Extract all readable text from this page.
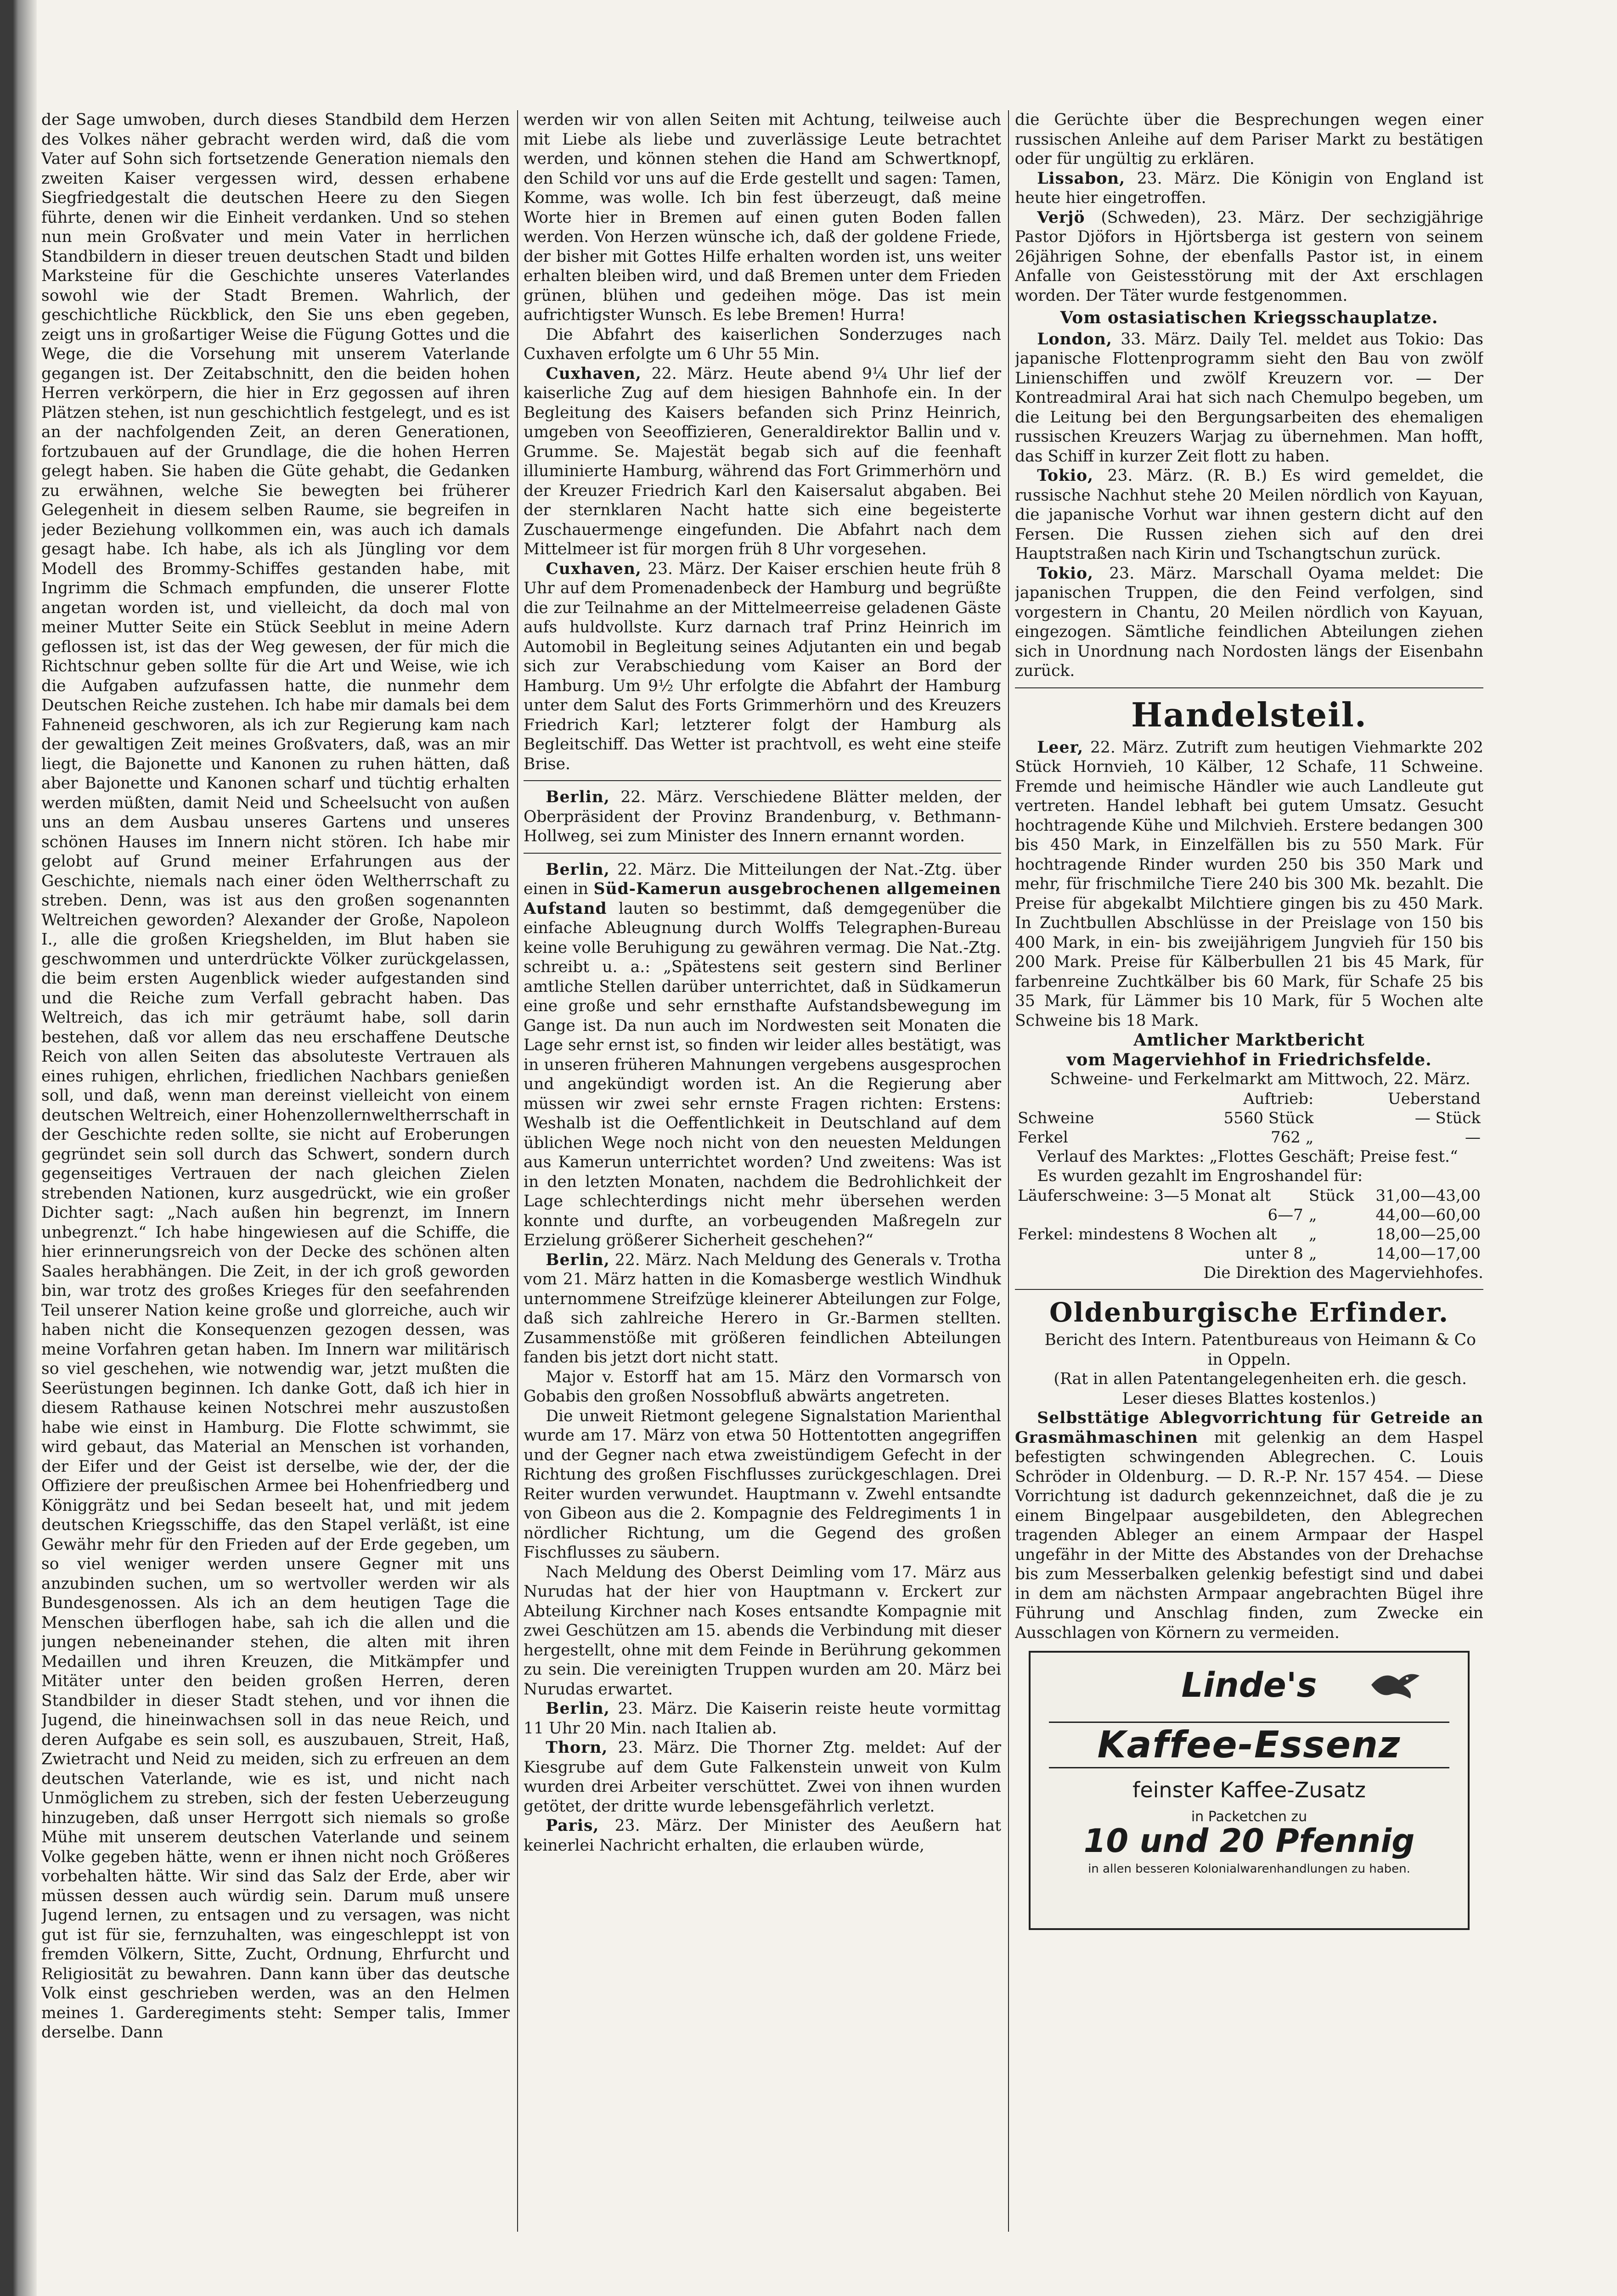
der Sage umwoben, durch dieses Standbild dem Herzen des Volkes näher gebracht werden wird, daß die vom Vater auf Sohn sich fortsetzende Generation niemals den zweiten Kaiser vergessen wird, dessen erhabene Siegfriedgestalt die deutschen Heere zu den Siegen führte, denen wir die Einheit verdanken. Und so stehen nun mein Großvater und mein Vater in herrlichen Standbildern in dieser treuen deutschen Stadt und bilden Marksteine für die Geschichte unseres Vaterlandes sowohl wie der Stadt Bremen. Wahrlich, der geschichtliche Rückblick, den Sie uns eben gegeben, zeigt uns in großartiger Weise die Fügung Gottes und die Wege, die die Vorsehung mit unserem Vaterlande gegangen ist. Der Zeitabschnitt, den die beiden hohen Herren verkörpern, die hier in Erz gegossen auf ihren Plätzen stehen, ist nun geschichtlich festgelegt, und es ist an der nachfolgenden Zeit, an deren Generationen, fortzubauen auf der Grundlage, die die hohen Herren gelegt haben. Sie haben die Güte gehabt, die Gedanken zu erwähnen, welche Sie bewegten bei früherer Gelegenheit in diesem selben Raume, sie begreifen in jeder Beziehung vollkommen ein, was auch ich damals gesagt habe. Ich habe, als ich als Jüngling vor dem Modell des Brommy-Schiffes gestanden habe, mit Ingrimm die Schmach empfunden, die unserer Flotte angetan worden ist, und vielleicht, da doch mal von meiner Mutter Seite ein Stück Seeblut in meine Adern geflossen ist, ist das der Weg gewesen, der für mich die Richtschnur geben sollte für die Art und Weise, wie ich die Aufgaben aufzufassen hatte, die nunmehr dem Deutschen Reiche zustehen. Ich habe mir damals bei dem Fahneneid geschworen, als ich zur Regierung kam nach der gewaltigen Zeit meines Großvaters, daß, was an mir liegt, die Bajonette und Kanonen zu ruhen hätten, daß aber Bajonette und Kanonen scharf und tüchtig erhalten werden müßten, damit Neid und Scheelsucht von außen uns an dem Ausbau unseres Gartens und unseres schönen Hauses im Innern nicht stören. Ich habe mir gelobt auf Grund meiner Erfahrungen aus der Geschichte, niemals nach einer öden Weltherrschaft zu streben. Denn, was ist aus den großen sogenannten Weltreichen geworden? Alexander der Große, Napoleon I., alle die großen Kriegshelden, im Blut haben sie geschwommen und unterdrückte Völker zurückgelassen, die beim ersten Augenblick wieder aufgestanden sind und die Reiche zum Verfall gebracht haben. Das Weltreich, das ich mir geträumt habe, soll darin bestehen, daß vor allem das neu erschaffene Deutsche Reich von allen Seiten das absoluteste Vertrauen als eines ruhigen, ehrlichen, friedlichen Nachbars genießen soll, und daß, wenn man dereinst vielleicht von einem deutschen Weltreich, einer Hohenzollernweltherrschaft in der Geschichte reden sollte, sie nicht auf Eroberungen gegründet sein soll durch das Schwert, sondern durch gegenseitiges Vertrauen der nach gleichen Zielen strebenden Nationen, kurz ausgedrückt, wie ein großer Dichter sagt: „Nach außen hin begrenzt, im Innern unbegrenzt.“ Ich habe hingewiesen auf die Schiffe, die hier erinnerungsreich von der Decke des schönen alten Saales herabhängen. Die Zeit, in der ich groß geworden bin, war trotz des großes Krieges für den seefahrenden Teil unserer Nation keine große und glorreiche, auch wir haben nicht die Konsequenzen gezogen dessen, was meine Vorfahren getan haben. Im Innern war militärisch so viel geschehen, wie notwendig war, jetzt mußten die Seerüstungen beginnen. Ich danke Gott, daß ich hier in diesem Rathause keinen Notschrei mehr auszustoßen habe wie einst in Hamburg. Die Flotte schwimmt, sie wird gebaut, das Material an Menschen ist vorhanden, der Eifer und der Geist ist derselbe, wie der, der die Offiziere der preußischen Armee bei Hohenfriedberg und Königgrätz und bei Sedan beseelt hat, und mit jedem deutschen Kriegsschiffe, das den Stapel verläßt, ist eine Gewähr mehr für den Frieden auf der Erde gegeben, um so viel weniger werden unsere Gegner mit uns anzubinden suchen, um so wertvoller werden wir als Bundesgenossen. Als ich an dem heutigen Tage die Menschen überflogen habe, sah ich die allen und die jungen nebeneinander stehen, die alten mit ihren Medaillen und ihren Kreuzen, die Mitkämpfer und Mitäter unter den beiden großen Herren, deren Standbilder in dieser Stadt stehen, und vor ihnen die Jugend, die hineinwachsen soll in das neue Reich, und deren Aufgabe es sein soll, es auszubauen, Streit, Haß, Zwietracht und Neid zu meiden, sich zu erfreuen an dem deutschen Vaterlande, wie es ist, und nicht nach Unmöglichem zu streben, sich der festen Ueberzeugung hinzugeben, daß unser Herrgott sich niemals so große Mühe mit unserem deutschen Vaterlande und seinem Volke gegeben hätte, wenn er ihnen nicht noch Größeres vorbehalten hätte. Wir sind das Salz der Erde, aber wir müssen dessen auch würdig sein. Darum muß unsere Jugend lernen, zu entsagen und zu versagen, was nicht gut ist für sie, fernzuhalten, was eingeschleppt ist von fremden Völkern, Sitte, Zucht, Ordnung, Ehrfurcht und Religiosität zu bewahren. Dann kann über das deutsche Volk einst geschrieben werden, was an den Helmen meines 1. Garderegiments steht: Semper talis, Immer derselbe. Dann

werden wir von allen Seiten mit Achtung, teilweise auch mit Liebe als liebe und zuverlässige Leute betrachtet werden, und können stehen die Hand am Schwertknopf, den Schild vor uns auf die Erde gestellt und sagen: Tamen, Komme, was wolle. Ich bin fest überzeugt, daß meine Worte hier in Bremen auf einen guten Boden fallen werden. Von Herzen wünsche ich, daß der goldene Friede, der bisher mit Gottes Hilfe erhalten worden ist, uns weiter erhalten bleiben wird, und daß Bremen unter dem Frieden grünen, blühen und gedeihen möge. Das ist mein aufrichtigster Wunsch. Es lebe Bremen! Hurra!

Die Abfahrt des kaiserlichen Sonderzuges nach Cuxhaven erfolgte um 6 Uhr 55 Min.

Cuxhaven, 22. März. Heute abend 9¼ Uhr lief der kaiserliche Zug auf dem hiesigen Bahnhofe ein. In der Begleitung des Kaisers befanden sich Prinz Heinrich, umgeben von Seeoffizieren, Generaldirektor Ballin und v. Grumme. Se. Majestät begab sich auf die feenhaft illuminierte Hamburg, während das Fort Grimmerhörn und der Kreuzer Friedrich Karl den Kaisersalut abgaben. Bei der sternklaren Nacht hatte sich eine begeisterte Zuschauermenge eingefunden. Die Abfahrt nach dem Mittelmeer ist für morgen früh 8 Uhr vorgesehen.

Cuxhaven, 23. März. Der Kaiser erschien heute früh 8 Uhr auf dem Promenadenbeck der Hamburg und begrüßte die zur Teilnahme an der Mittelmeerreise geladenen Gäste aufs huldvollste. Kurz darnach traf Prinz Heinrich im Automobil in Begleitung seines Adjutanten ein und begab sich zur Verabschiedung vom Kaiser an Bord der Hamburg. Um 9½ Uhr erfolgte die Abfahrt der Hamburg unter dem Salut des Forts Grimmerhörn und des Kreuzers Friedrich Karl; letzterer folgt der Hamburg als Begleitschiff. Das Wetter ist prachtvoll, es weht eine steife Brise.

Berlin, 22. März. Verschiedene Blätter melden, der Oberpräsident der Provinz Brandenburg, v. Bethmann-Hollweg, sei zum Minister des Innern ernannt worden.

Berlin, 22. März. Die Mitteilungen der Nat.-Ztg. über einen in Süd-Kamerun ausgebrochenen allgemeinen Aufstand lauten so bestimmt, daß demgegenüber die einfache Ableugnung durch Wolffs Telegraphen-Bureau keine volle Beruhigung zu gewähren vermag. Die Nat.-Ztg. schreibt u. a.: „Spätestens seit gestern sind Berliner amtliche Stellen darüber unterrichtet, daß in Südkamerun eine große und sehr ernsthafte Aufstandsbewegung im Gange ist. Da nun auch im Nordwesten seit Monaten die Lage sehr ernst ist, so finden wir leider alles bestätigt, was in unseren früheren Mahnungen vergebens ausgesprochen und angekündigt worden ist. An die Regierung aber müssen wir zwei sehr ernste Fragen richten: Erstens: Weshalb ist die Oeffentlichkeit in Deutschland auf dem üblichen Wege noch nicht von den neuesten Meldungen aus Kamerun unterrichtet worden? Und zweitens: Was ist in den letzten Monaten, nachdem die Bedrohlichkeit der Lage schlechterdings nicht mehr übersehen werden konnte und durfte, an vorbeugenden Maßregeln zur Erzielung größerer Sicherheit geschehen?“

Berlin, 22. März. Nach Meldung des Generals v. Trotha vom 21. März hatten in die Komasberge westlich Windhuk unternommene Streifzüge kleinerer Abteilungen zur Folge, daß sich zahlreiche Herero in Gr.-Barmen stellten. Zusammenstöße mit größeren feindlichen Abteilungen fanden bis jetzt dort nicht statt.

Major v. Estorff hat am 15. März den Vormarsch von Gobabis den großen Nossobfluß abwärts angetreten.

Die unweit Rietmont gelegene Signalstation Marienthal wurde am 17. März von etwa 50 Hottentotten angegriffen und der Gegner nach etwa zweistündigem Gefecht in der Richtung des großen Fischflusses zurückgeschlagen. Drei Reiter wurden verwundet. Hauptmann v. Zwehl entsandte von Gibeon aus die 2. Kompagnie des Feldregiments 1 in nördlicher Richtung, um die Gegend des großen Fischflusses zu säubern.

Nach Meldung des Oberst Deimling vom 17. März aus Nurudas hat der hier von Hauptmann v. Erckert zur Abteilung Kirchner nach Koses entsandte Kompagnie mit zwei Geschützen am 15. abends die Verbindung mit dieser hergestellt, ohne mit dem Feinde in Berührung gekommen zu sein. Die vereinigten Truppen wurden am 20. März bei Nurudas erwartet.

Berlin, 23. März. Die Kaiserin reiste heute vormittag 11 Uhr 20 Min. nach Italien ab.

Thorn, 23. März. Die Thorner Ztg. meldet: Auf der Kiesgrube auf dem Gute Falkenstein unweit von Kulm wurden drei Arbeiter verschüttet. Zwei von ihnen wurden getötet, der dritte wurde lebensgefährlich verletzt.

Paris, 23. März. Der Minister des Aeußern hat keinerlei Nachricht erhalten, die erlauben würde,

die Gerüchte über die Besprechungen wegen einer russischen Anleihe auf dem Pariser Markt zu bestätigen oder für ungültig zu erklären.

Lissabon, 23. März. Die Königin von England ist heute hier eingetroffen.

Verjö (Schweden), 23. März. Der sechzigjährige Pastor Djöfors in Hjörtsberga ist gestern von seinem 26jährigen Sohne, der ebenfalls Pastor ist, in einem Anfalle von Geistesstörung mit der Axt erschlagen worden. Der Täter wurde festgenommen.

Vom ostasiatischen Kriegsschauplatze.

London, 33. März. Daily Tel. meldet aus Tokio: Das japanische Flottenprogramm sieht den Bau von zwölf Linienschiffen und zwölf Kreuzern vor. — Der Kontreadmiral Arai hat sich nach Chemulpo begeben, um die Leitung bei den Bergungsarbeiten des ehemaligen russischen Kreuzers Warjag zu übernehmen. Man hofft, das Schiff in kurzer Zeit flott zu haben.

Tokio, 23. März. (R. B.) Es wird gemeldet, die russische Nachhut stehe 20 Meilen nördlich von Kayuan, die japanische Vorhut war ihnen gestern dicht auf den Fersen. Die Russen ziehen sich auf den drei Hauptstraßen nach Kirin und Tschangtschun zurück.

Tokio, 23. März. Marschall Oyama meldet: Die japanischen Truppen, die den Feind verfolgen, sind vorgestern in Chantu, 20 Meilen nördlich von Kayuan, eingezogen. Sämtliche feindlichen Abteilungen ziehen sich in Unordnung nach Nordosten längs der Eisenbahn zurück.

Handelsteil.

Leer, 22. März. Zutrift zum heutigen Viehmarkte 202 Stück Hornvieh, 10 Kälber, 12 Schafe, 11 Schweine. Fremde und heimische Händler wie auch Landleute gut vertreten. Handel lebhaft bei gutem Umsatz. Gesucht hochtragende Kühe und Milchvieh. Erstere bedangen 300 bis 450 Mark, in Einzelfällen bis zu 550 Mark. Für hochtragende Rinder wurden 250 bis 350 Mark und mehr, für frischmilche Tiere 240 bis 300 Mk. bezahlt. Die Preise für abgekalbt Milchtiere gingen bis zu 450 Mark. In Zuchtbullen Abschlüsse in der Preislage von 150 bis 400 Mark, in ein- bis zweijährigem Jungvieh für 150 bis 200 Mark. Preise für Kälberbullen 21 bis 45 Mark, für farbenreine Zuchtkälber bis 60 Mark, für Schafe 25 bis 35 Mark, für Lämmer bis 10 Mark, für 5 Wochen alte Schweine bis 18 Mark.

Amtlicher Marktbericht
vom Magerviehhof in Friedrichsfelde.

Schweine- und Ferkelmarkt am Mittwoch, 22. März.

	Auftrieb:	Ueberstand
Schweine	5560 Stück	— Stück
Ferkel	762 „	—

Verlauf des Marktes: „Flottes Geschäft; Preise fest.“

Es wurden gezahlt im Engroshandel für:

Läuferschweine: 3—5 Monat alt	Stück	31,00—43,00
6—7	„	44,00—60,00
Ferkel: mindestens 8 Wochen alt	„	18,00—25,00
unter 8	„	14,00—17,00

Die Direktion des Magerviehhofes.

Oldenburgische Erfinder.

Bericht des Intern. Patentbureaus von Heimann & Co in Oppeln.

(Rat in allen Patentangelegenheiten erh. die gesch. Leser dieses Blattes kostenlos.)

Selbsttätige Ablegvorrichtung für Getreide an Grasmähmaschinen mit gelenkig an dem Haspel befestigten schwingenden Ablegrechen. C. Louis Schröder in Oldenburg. — D. R.-P. Nr. 157 454. — Diese Vorrichtung ist dadurch gekennzeichnet, daß die je zu einem Bingelpaar ausgebildeten, den Ablegrechen tragenden Ableger an einem Armpaar der Haspel ungefähr in der Mitte des Abstandes von der Drehachse bis zum Messerbalken gelenkig befestigt sind und dabei in dem am nächsten Armpaar angebrachten Bügel ihre Führung und Anschlag finden, zum Zwecke ein Ausschlagen von Körnern zu vermeiden.

Linde's
Kaffee-Essenz
feinster Kaffee-Zusatz
in Packetchen zu
10 und 20 Pfennig
in allen besseren Kolonialwarenhandlungen zu haben.
